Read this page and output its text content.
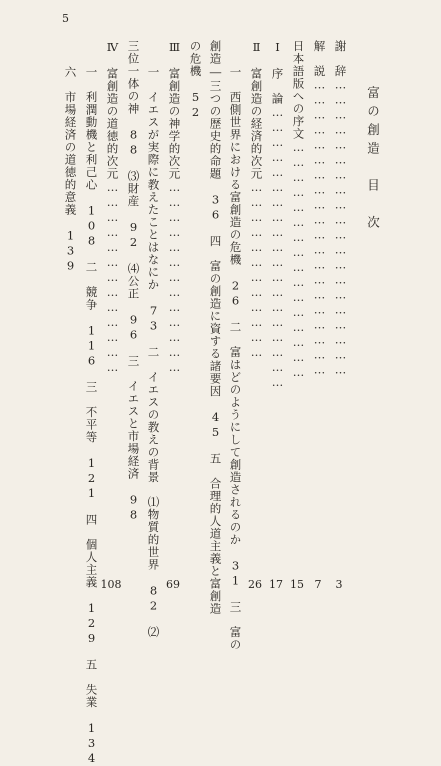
5
富の創造　目　次
謝　辞……………………………………………………
3
解　説……………………………………………………
7
日本語版への序文…………………………………………
15
Ⅰ　序　論…………………………………………………
17
Ⅱ　富創造の経済的次元………………………………
26
一　西側世界における富創造の危機　26　二　富はどのようにして創造されるのか　31　三　富の
創造―三つの歴史的命題　36　四　富の創造に資する諸要因　45　五　合理的人道主義と富創造
の危機　52
Ⅲ　富創造の神学的次元…………………………………
69
一　イエスが実際に教えたことはなにか　73　二　イエスの教えの背景　⑴物質的世界　82　⑵
三位一体の神　88　⑶財産　92　⑷公正　96　三　イエスと市場経済　98
Ⅳ　富創造の道徳的次元…………………………………
108
一　利潤動機と利己心　108　二　競争　116　三　不平等　121　四　個人主義　129　五　失業　134
六　市場経済の道徳的意義　139
